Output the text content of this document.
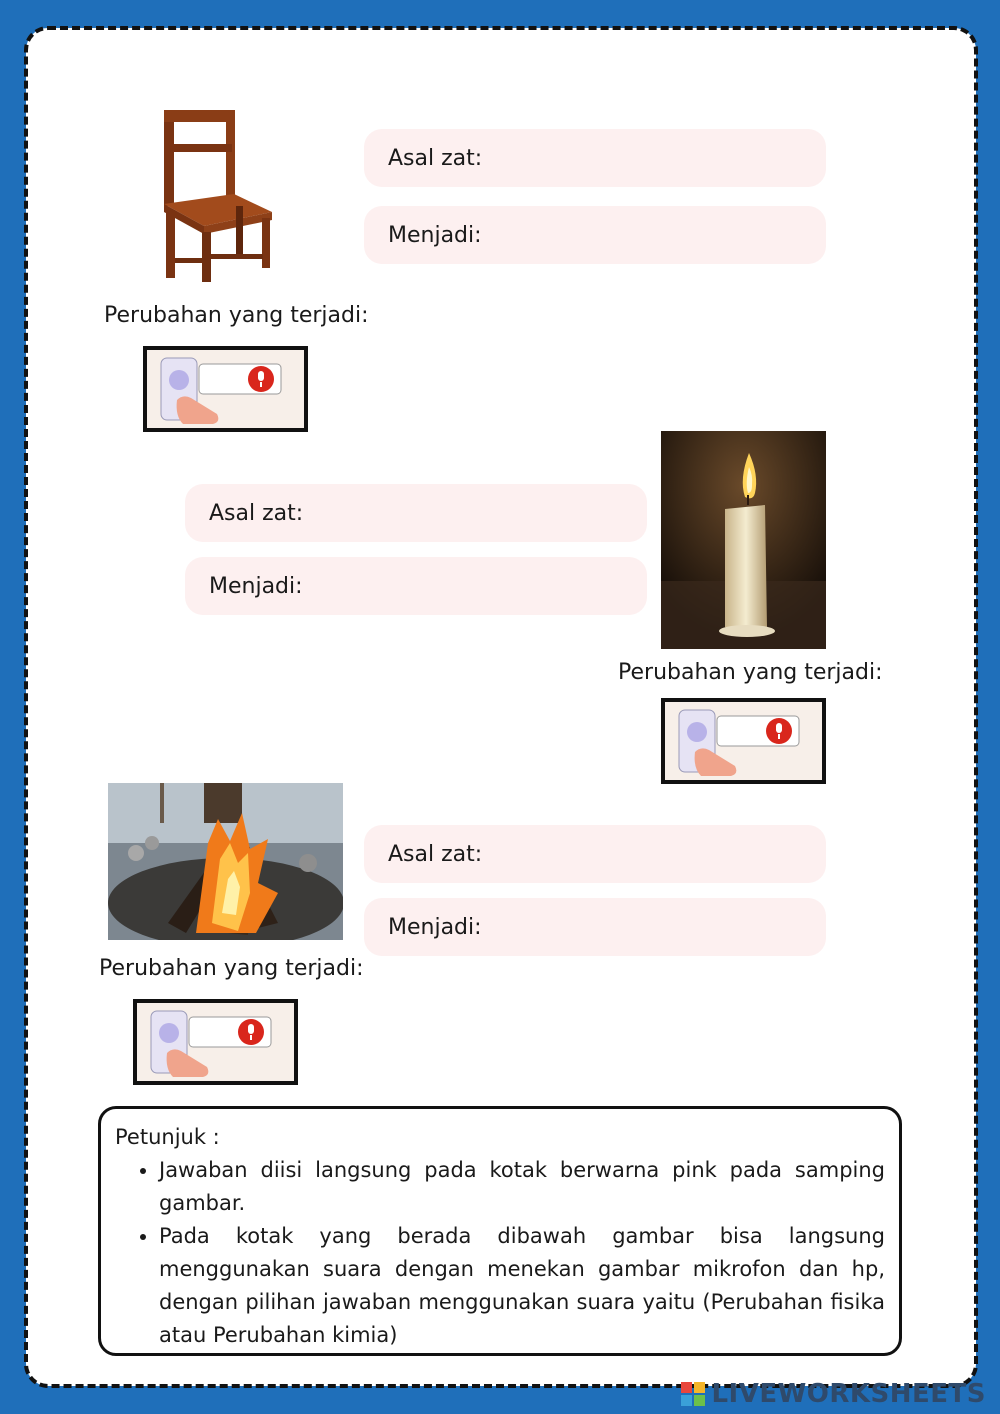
Asal zat:
Menjadi:
Perubahan yang terjadi:
Asal zat:
Menjadi:
Perubahan yang terjadi:
Asal zat:
Menjadi:
Perubahan yang terjadi:
Petunjuk :
• Jawaban diisi langsung pada kotak berwarna pink pada samping gambar.
• Pada kotak yang berada dibawah gambar bisa langsung menggunakan suara dengan menekan gambar mikrofon dan hp, dengan pilihan jawaban menggunakan suara yaitu (Perubahan fisika atau Perubahan kimia)
LIVEWORKSHEETS
